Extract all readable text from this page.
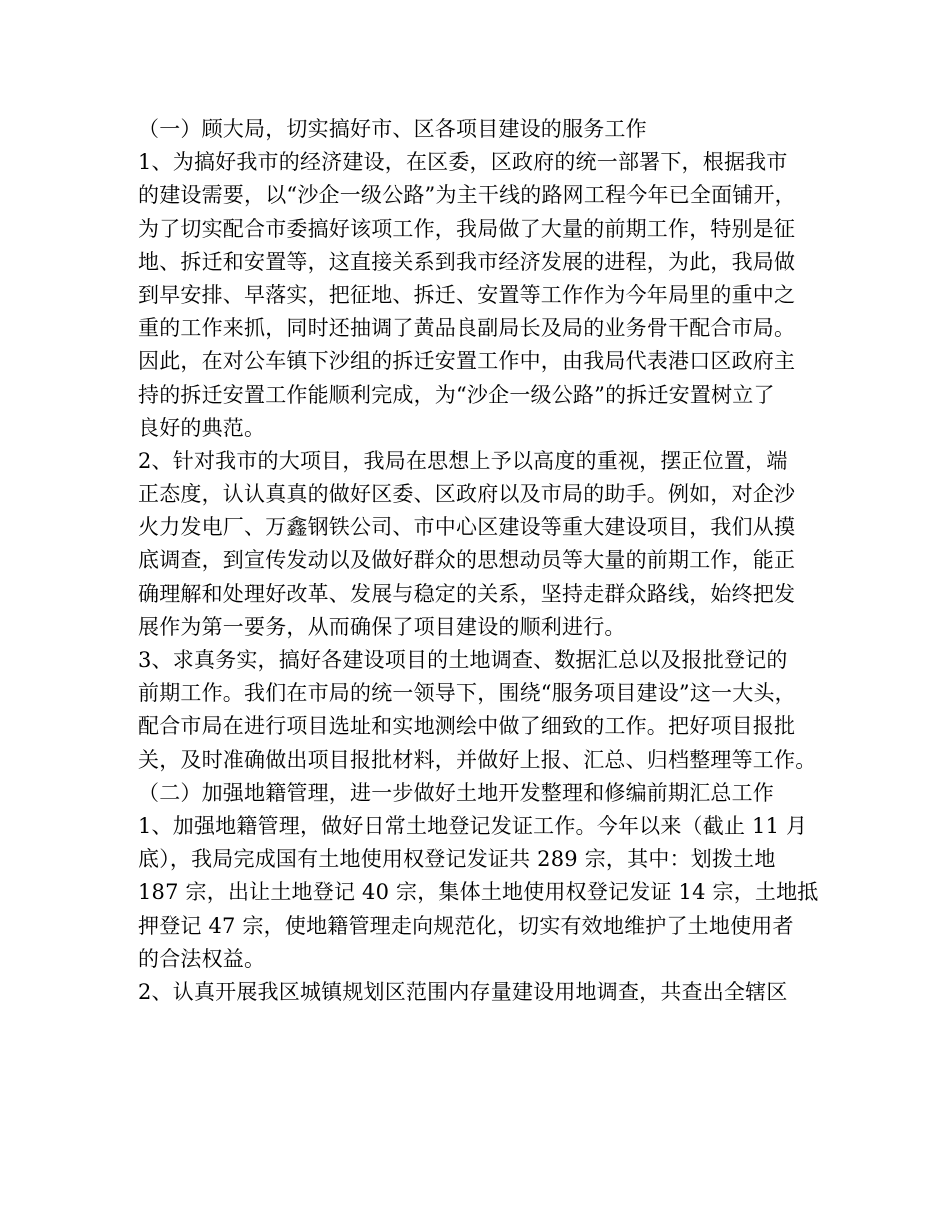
（一）顾大局，切实搞好市、区各项目建设的服务工作
1、为搞好我市的经济建设，在区委，区政府的统一部署下，根据我市
的建设需要，以“沙企一级公路”为主干线的路网工程今年已全面铺开，
为了切实配合市委搞好该项工作，我局做了大量的前期工作，特别是征
地、拆迁和安置等，这直接关系到我市经济发展的进程，为此，我局做
到早安排、早落实，把征地、拆迁、安置等工作作为今年局里的重中之
重的工作来抓，同时还抽调了黄品良副局长及局的业务骨干配合市局。
因此，在对公车镇下沙组的拆迁安置工作中，由我局代表港口区政府主
持的拆迁安置工作能顺利完成，为“沙企一级公路”的拆迁安置树立了
良好的典范。
2、针对我市的大项目，我局在思想上予以高度的重视，摆正位置，端
正态度，认认真真的做好区委、区政府以及市局的助手。例如，对企沙
火力发电厂、万鑫钢铁公司、市中心区建设等重大建设项目，我们从摸
底调查，到宣传发动以及做好群众的思想动员等大量的前期工作，能正
确理解和处理好改革、发展与稳定的关系，坚持走群众路线，始终把发
展作为第一要务，从而确保了项目建设的顺利进行。
3、求真务实，搞好各建设项目的土地调查、数据汇总以及报批登记的
前期工作。我们在市局的统一领导下，围绕“服务项目建设”这一大头，
配合市局在进行项目选址和实地测绘中做了细致的工作。把好项目报批
关，及时准确做出项目报批材料，并做好上报、汇总、归档整理等工作。
（二）加强地籍管理，进一步做好土地开发整理和修编前期汇总工作
1、加强地籍管理，做好日常土地登记发证工作。今年以来（截止 11 月
底），我局完成国有土地使用权登记发证共 289 宗，其中：划拨土地
187 宗，出让土地登记 40 宗，集体土地使用权登记发证 14 宗，土地抵
押登记 47 宗，使地籍管理走向规范化，切实有效地维护了土地使用者
的合法权益。
2、认真开展我区城镇规划区范围内存量建设用地调查，共查出全辖区
